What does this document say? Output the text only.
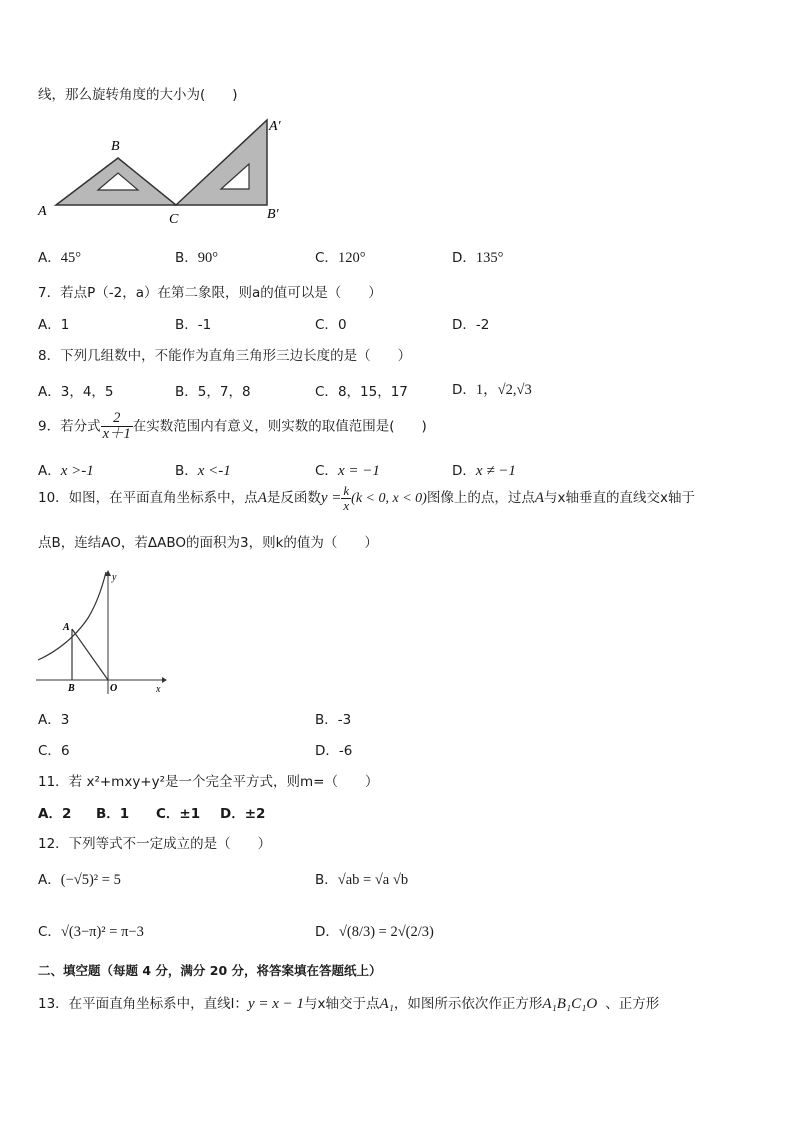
线，那么旋转角度的大小为(　　)
A
B
C
A′
B′
A．45°	B．90°	C．120°	D．135°
7．若点P（-2，a）在第二象限，则a的值可以是（　　）
A．1	B．-1	C．0	D．-2
8．下列几组数中，不能作为直角三角形三边长度的是（　　）
A．3，4，5	B．5，7，8	C．8，15，17	D．1，√2,√3
9．若分式 $\frac{2}{x+1}$ 在实数范围内有意义，则实数的取值范围是(　　)
A．x >-1	B．x <-1	C．x = −1	D．x ≠ −1
10．如图，在平面直角坐标系中，点A是反函数$y = \frac{k}{x} (k < 0$, x < 0)图像上的点，过点A与x轴垂直的直线交x轴于
点B，连结AO，若ΔABO的面积为3，则k的值为（　　）
y
x
A
B	O
A．3	B．-3
C．6	D．-6
11．若 x²+mxy+y²是一个完全平方式，则m=（　　）
A．2 B．1 C．±1 D．±2
12．下列等式不一定成立的是（　　）
A．(−√5)² = 5	B．√ab = √a √b
C．√(3−π)² = π−3	D．√(8/3) = 2√(2/3)
二、填空题（每题 4 分，满分 20 分，将答案填在答题纸上）
13．在平面直角坐标系中，直线l：y = x − 1与x轴交于点A₁，如图所示依次作正方形A₁B₁C₁O 、正方形
